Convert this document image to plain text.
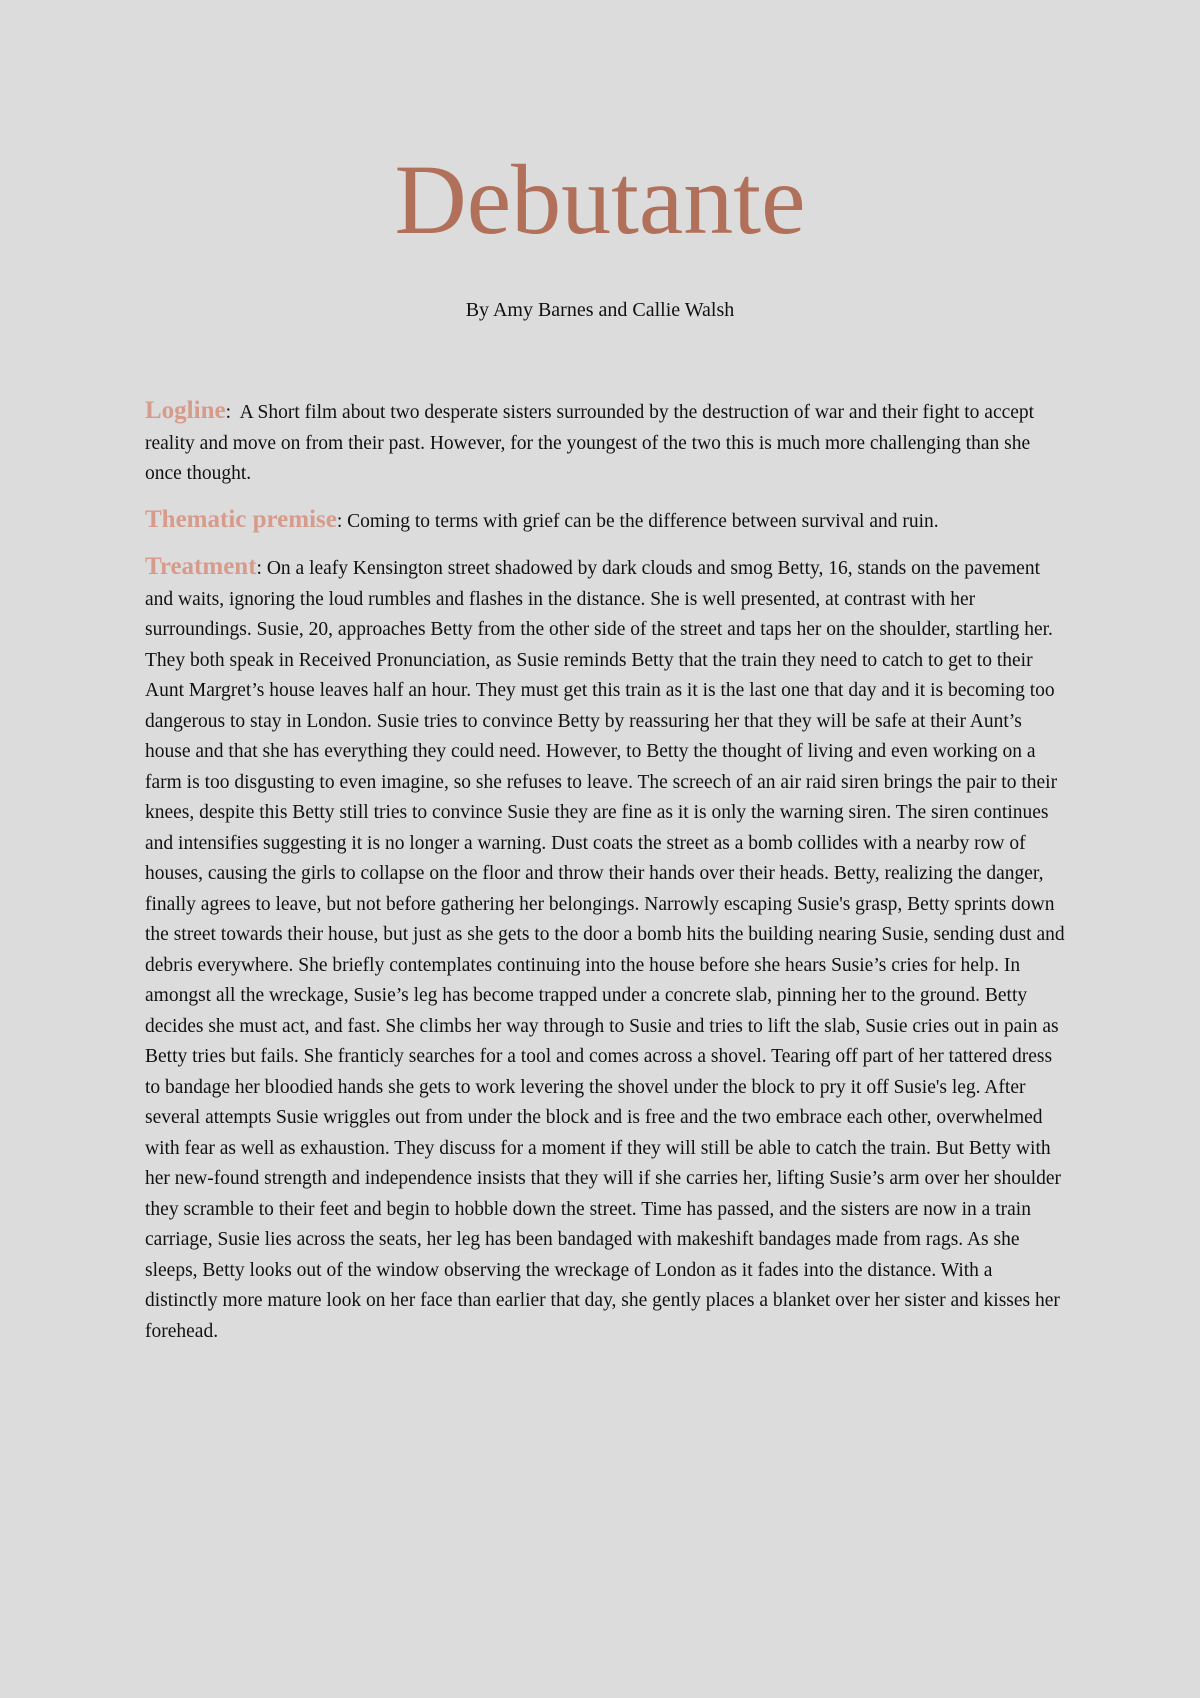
Debutante

By Amy Barnes and Callie Walsh

Logline:  A Short film about two desperate sisters surrounded by the destruction of war and their fight to accept reality and move on from their past. However, for the youngest of the two this is much more challenging than she once thought.

Thematic premise: Coming to terms with grief can be the difference between survival and ruin.

Treatment: On a leafy Kensington street shadowed by dark clouds and smog Betty, 16, stands on the pavement and waits, ignoring the loud rumbles and flashes in the distance. She is well presented, at contrast with her surroundings. Susie, 20, approaches Betty from the other side of the street and taps her on the shoulder, startling her. They both speak in Received Pronunciation, as Susie reminds Betty that the train they need to catch to get to their Aunt Margret’s house leaves half an hour. They must get this train as it is the last one that day and it is becoming too dangerous to stay in London. Susie tries to convince Betty by reassuring her that they will be safe at their Aunt’s house and that she has everything they could need. However, to Betty the thought of living and even working on a farm is too disgusting to even imagine, so she refuses to leave. The screech of an air raid siren brings the pair to their knees, despite this Betty still tries to convince Susie they are fine as it is only the warning siren. The siren continues and intensifies suggesting it is no longer a warning. Dust coats the street as a bomb collides with a nearby row of houses, causing the girls to collapse on the floor and throw their hands over their heads. Betty, realizing the danger, finally agrees to leave, but not before gathering her belongings. Narrowly escaping Susie's grasp, Betty sprints down the street towards their house, but just as she gets to the door a bomb hits the building nearing Susie, sending dust and debris everywhere. She briefly contemplates continuing into the house before she hears Susie’s cries for help. In amongst all the wreckage, Susie’s leg has become trapped under a concrete slab, pinning her to the ground. Betty decides she must act, and fast. She climbs her way through to Susie and tries to lift the slab, Susie cries out in pain as Betty tries but fails. She franticly searches for a tool and comes across a shovel. Tearing off part of her tattered dress to bandage her bloodied hands she gets to work levering the shovel under the block to pry it off Susie's leg. After several attempts Susie wriggles out from under the block and is free and the two embrace each other, overwhelmed with fear as well as exhaustion. They discuss for a moment if they will still be able to catch the train. But Betty with her new-found strength and independence insists that they will if she carries her, lifting Susie’s arm over her shoulder they scramble to their feet and begin to hobble down the street. Time has passed, and the sisters are now in a train carriage, Susie lies across the seats, her leg has been bandaged with makeshift bandages made from rags. As she sleeps, Betty looks out of the window observing the wreckage of London as it fades into the distance. With a distinctly more mature look on her face than earlier that day, she gently places a blanket over her sister and kisses her forehead.
